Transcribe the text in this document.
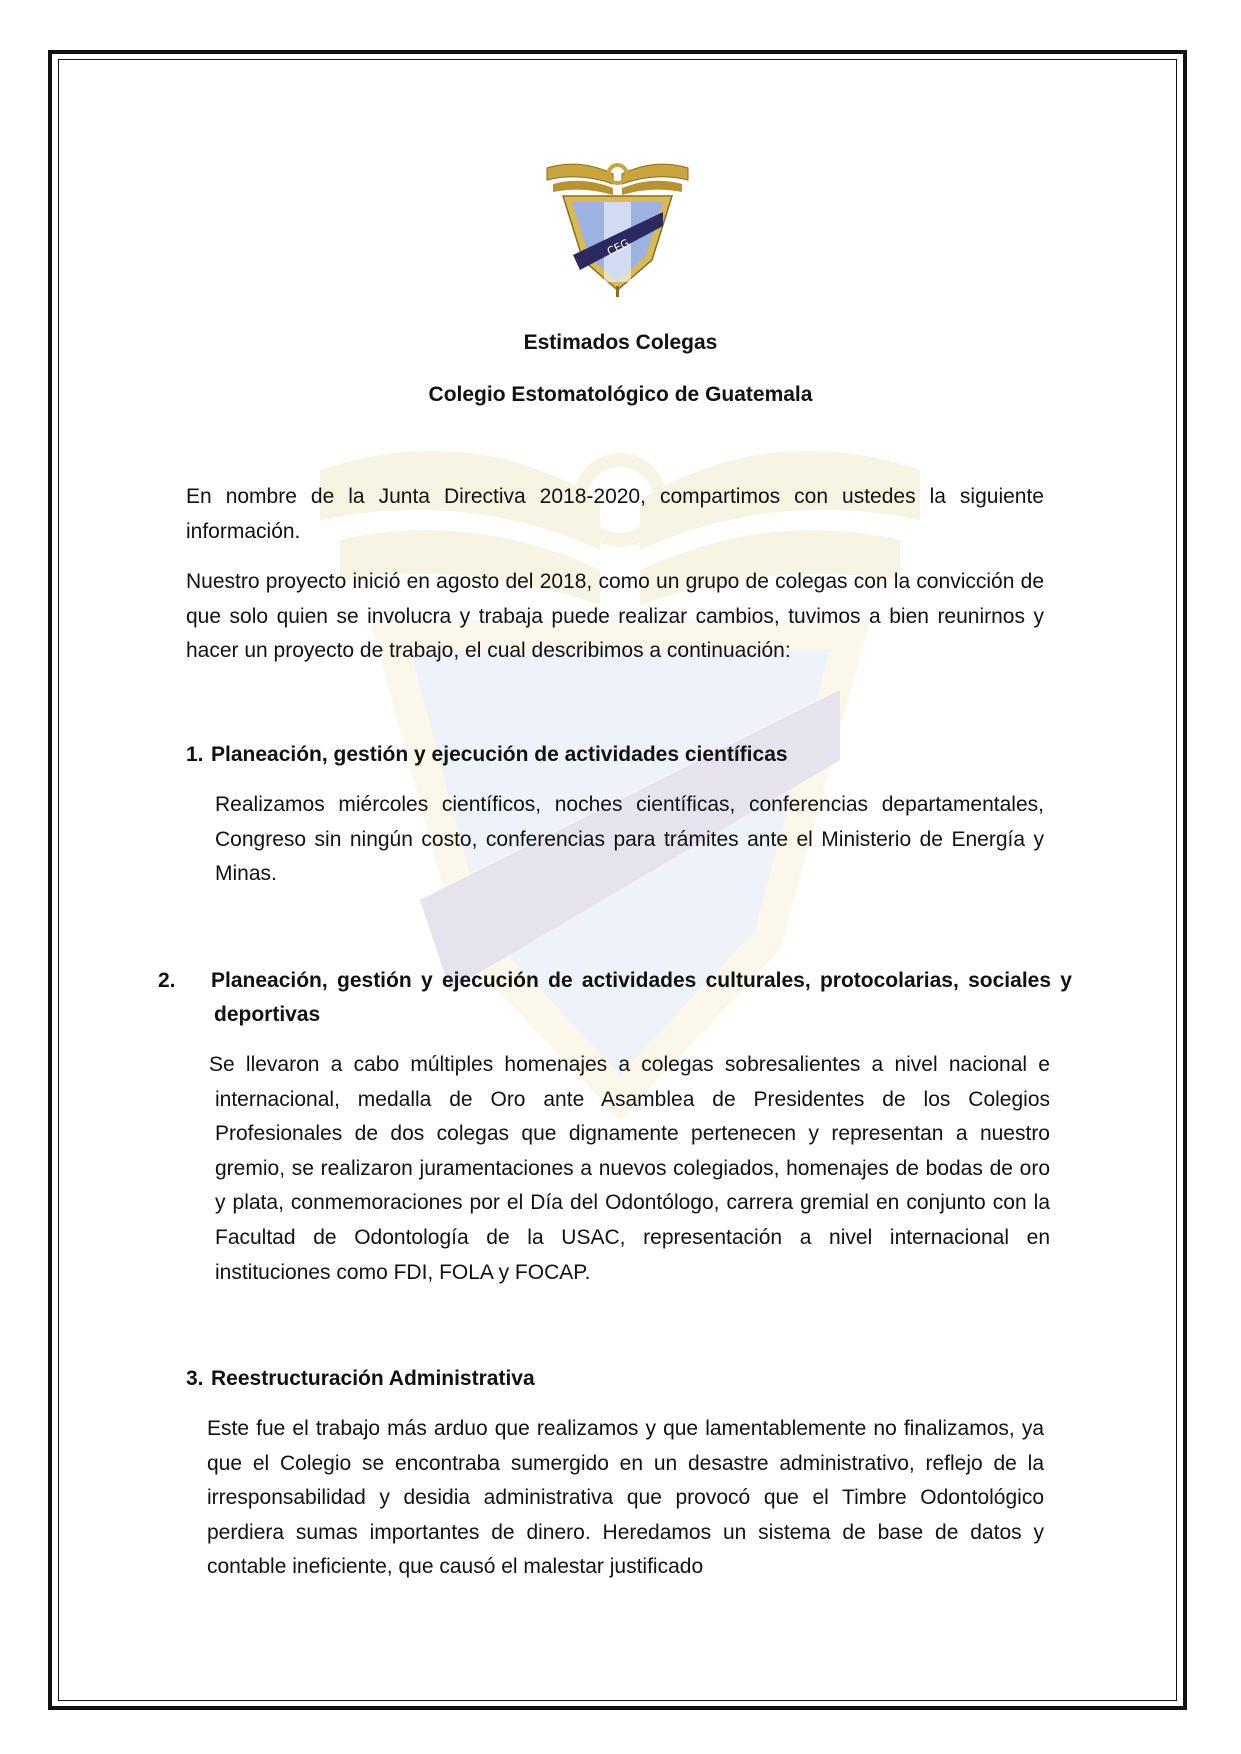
CEG
Estimados Colegas
Colegio Estomatológico de Guatemala

En nombre de la Junta Directiva 2018-2020, compartimos con ustedes la siguiente información.

Nuestro proyecto inició en agosto del 2018, como un grupo de colegas con la convicción de que solo quien se involucra y trabaja puede realizar cambios, tuvimos a bien reunirnos y hacer un proyecto de trabajo, el cual describimos a continuación:

1. Planeación, gestión y ejecución de actividades científicas

Realizamos miércoles científicos, noches científicas, conferencias departamentales, Congreso sin ningún costo, conferencias para trámites ante el Ministerio de Energía y Minas.

2. Planeación, gestión y ejecución de actividades culturales, protocolarias, sociales y deportivas

Se llevaron a cabo múltiples homenajes a colegas sobresalientes a nivel nacional e internacional, medalla de Oro ante Asamblea de Presidentes de los Colegios Profesionales de dos colegas que dignamente pertenecen y representan a nuestro gremio, se realizaron juramentaciones a nuevos colegiados, homenajes de bodas de oro y plata, conmemoraciones por el Día del Odontólogo, carrera gremial en conjunto con la Facultad de Odontología de la USAC, representación a nivel internacional en instituciones como FDI, FOLA y FOCAP.

3. Reestructuración Administrativa

Este fue el trabajo más arduo que realizamos y que lamentablemente no finalizamos, ya que el Colegio se encontraba sumergido en un desastre administrativo, reflejo de la irresponsabilidad y desidia administrativa que provocó que el Timbre Odontológico perdiera sumas importantes de dinero. Heredamos un sistema de base de datos y contable ineficiente, que causó el malestar justificado
